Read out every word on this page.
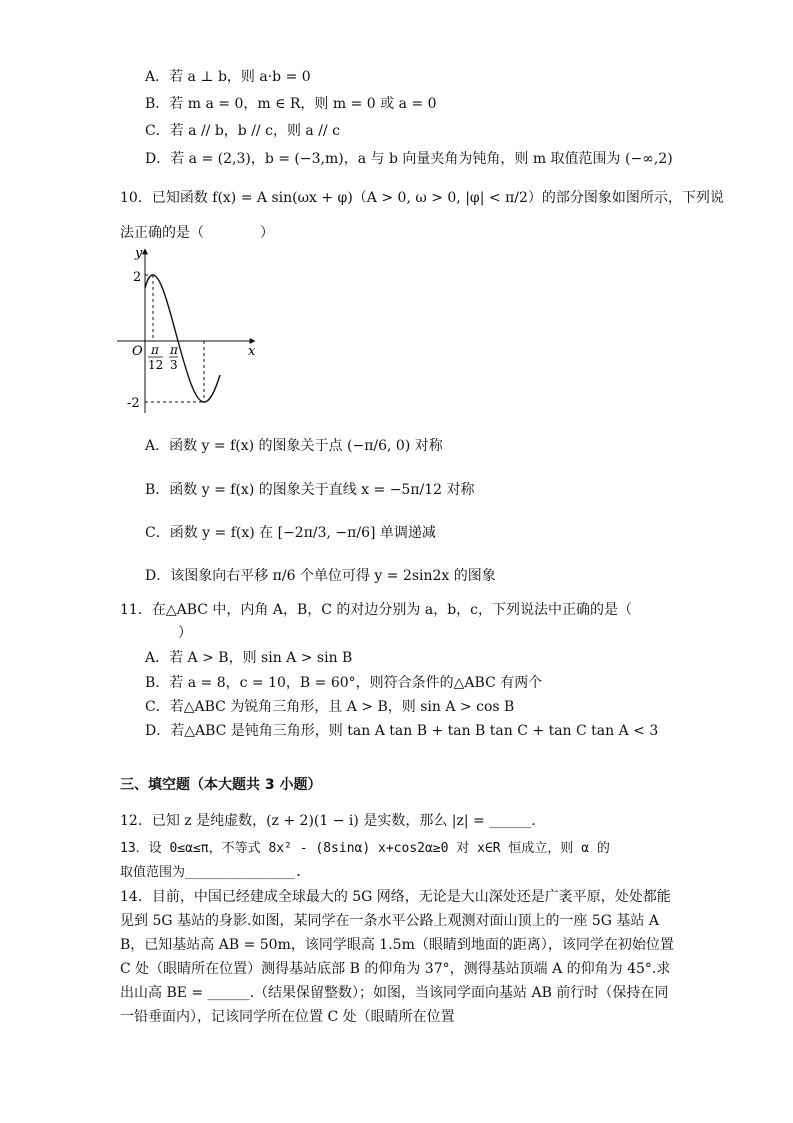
A．若 a ⊥ b，则 a·b = 0
B．若 m a = 0，m ∈ R，则 m = 0 或 a = 0
C．若 a // b，b // c，则 a // c
D．若 a = (2,3)，b = (−3,m)，a 与 b 向量夹角为钝角，则 m 取值范围为 (−∞,2)
10．已知函数 f(x) = A sin(ωx + φ)（A > 0, ω > 0, |φ| < π/2）的部分图象如图所示，下列说
法正确的是（　　　　）
y
x
O
2
-2
π
12
π
3
A．函数 y = f(x) 的图象关于点 (−π/6, 0) 对称
B．函数 y = f(x) 的图象关于直线 x = −5π/12 对称
C．函数 y = f(x) 在 [−2π/3, −π/6] 单调递减
D．该图象向右平移 π/6 个单位可得 y = 2sin2x 的图象
11．在△ABC 中，内角 A，B，C 的对边分别为 a，b，c，下列说法中正确的是（
）
A．若 A > B，则 sin A > sin B
B．若 a = 8，c = 10，B = 60°，则符合条件的△ABC 有两个
C．若△ABC 为锐角三角形，且 A > B，则 sin A > cos B
D．若△ABC 是钝角三角形，则 tan A tan B + tan B tan C + tan C tan A < 3
三、填空题（本大题共 3 小题）
12．已知 z 是纯虚数，(z + 2)(1 − i) 是实数，那么 |z| = ______.
13．设 0≤α≤π，不等式 8x² - (8sinα) x+cos2α≥0 对 x∈R 恒成立，则 α 的
取值范围为______________.
14．目前，中国已经建成全球最大的 5G 网络，无论是大山深处还是广袤平原，处处都能见到 5G 基站的身影.如图，某同学在一条水平公路上观测对面山顶上的一座 5G 基站 AB，已知基站高 AB = 50m，该同学眼高 1.5m（眼睛到地面的距离），该同学在初始位置 C 处（眼睛所在位置）测得基站底部 B 的仰角为 37°，测得基站顶端 A 的仰角为 45°.求出山高 BE = ______.（结果保留整数）；如图，当该同学面向基站 AB 前行时（保持在同一铅垂面内），记该同学所在位置 C 处（眼睛所在位置
